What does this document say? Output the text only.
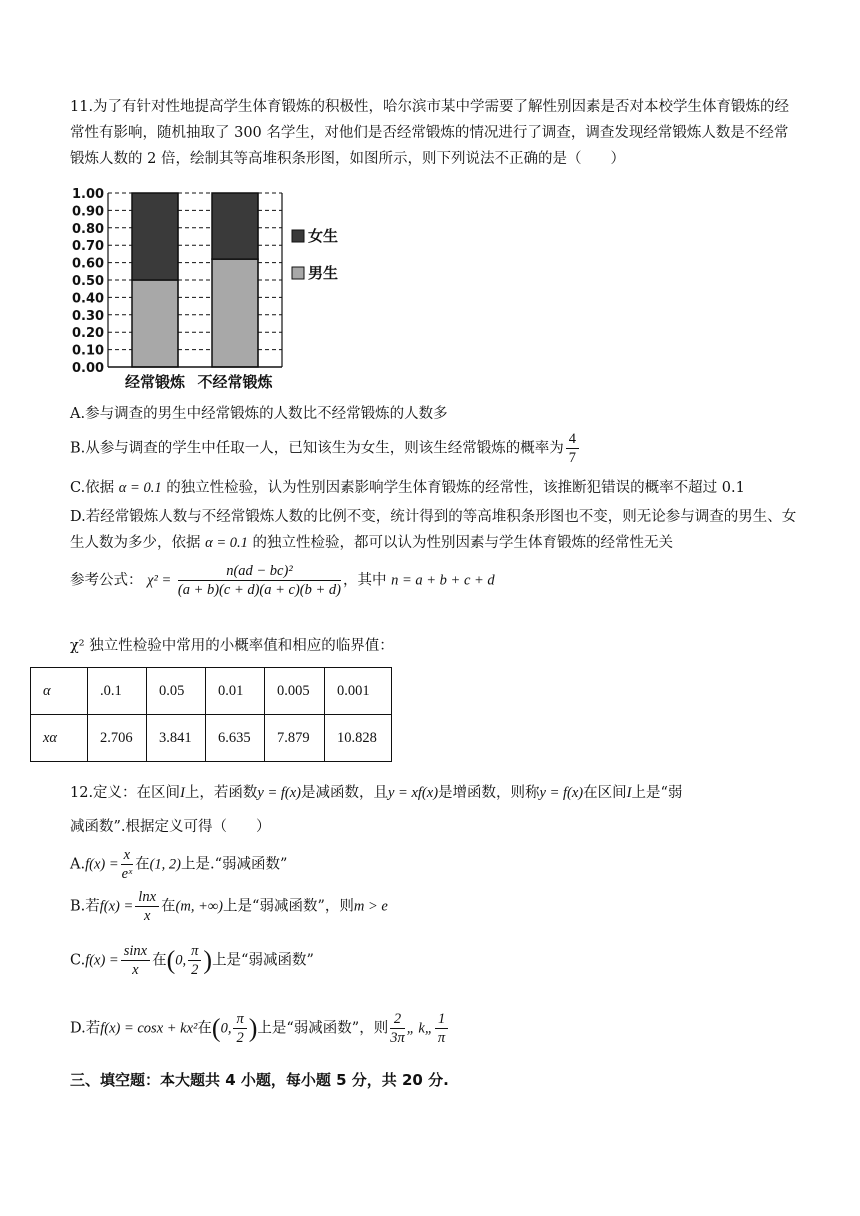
11.为了有针对性地提高学生体育锻炼的积极性，哈尔滨市某中学需要了解性别因素是否对本校学生体育锻炼的经常性有影响，随机抽取了 300 名学生，对他们是否经常锻炼的情况进行了调查，调查发现经常锻炼人数是不经常锻炼人数的 2 倍，绘制其等高堆积条形图，如图所示，则下列说法不正确的是（　　）
1.00
0.90
0.80
0.70
0.60
0.50
0.40
0.30
0.20
0.10
0.00
经常锻炼 不经常锻炼
女生
男生
A.参与调查的男生中经常锻炼的人数比不经常锻炼的人数多
B.从参与调查的学生中任取一人，已知该生为女生，则该生经常锻炼的概率为 $\frac{4}{7}$
C.依据 α = 0.1 的独立性检验，认为性别因素影响学生体育锻炼的经常性，该推断犯错误的概率不超过 0.1
D.若经常锻炼人数与不经常锻炼人数的比例不变，统计得到的等高堆积条形图也不变，则无论参与调查的男生、女生人数为多少，依据 α = 0.1 的独立性检验，都可以认为性别因素与学生体育锻炼的经常性无关
参考公式： $\chi^2 = \frac{\text{n(ad − bc)²}}{(a + b)(c + d)(a + c)(b + d)}$ ，其中 n = a + b + c + d
χ² 独立性检验中常用的小概率值和相应的临界值：
α	.0.1	0.05	0.01	0.005	0.001
xα	2.706	3.841	6.635	7.879	10.828
12.定义：在区间I上，若函数y = f(x)是减函数，且y = xf(x)是增函数，则称y = f(x)在区间I上是“弱
减函数”.根据定义可得（　　）
$A.f(x) = \frac{x}{\text{eˣ}}$ 在(1, 2)上是.“弱减函数”
B.若$f(x) = \frac{\ln x}{x}$ 在(m, +∞)上是“弱减函数”，则m > e
$C.f(x) = \frac{\sin x}{x}$ 在(0, $\frac{\pi}{2}$ )上是“弱减函数”
D.若f(x) = cosx + kx²在(0, $\frac{\pi}{2}$ )上是“弱减函数”，则 $\frac{2}{3\pi}$ „ k„ $\frac{1}{\pi}$
三、填空题：本大题共 4 小题，每小题 5 分，共 20 分.
